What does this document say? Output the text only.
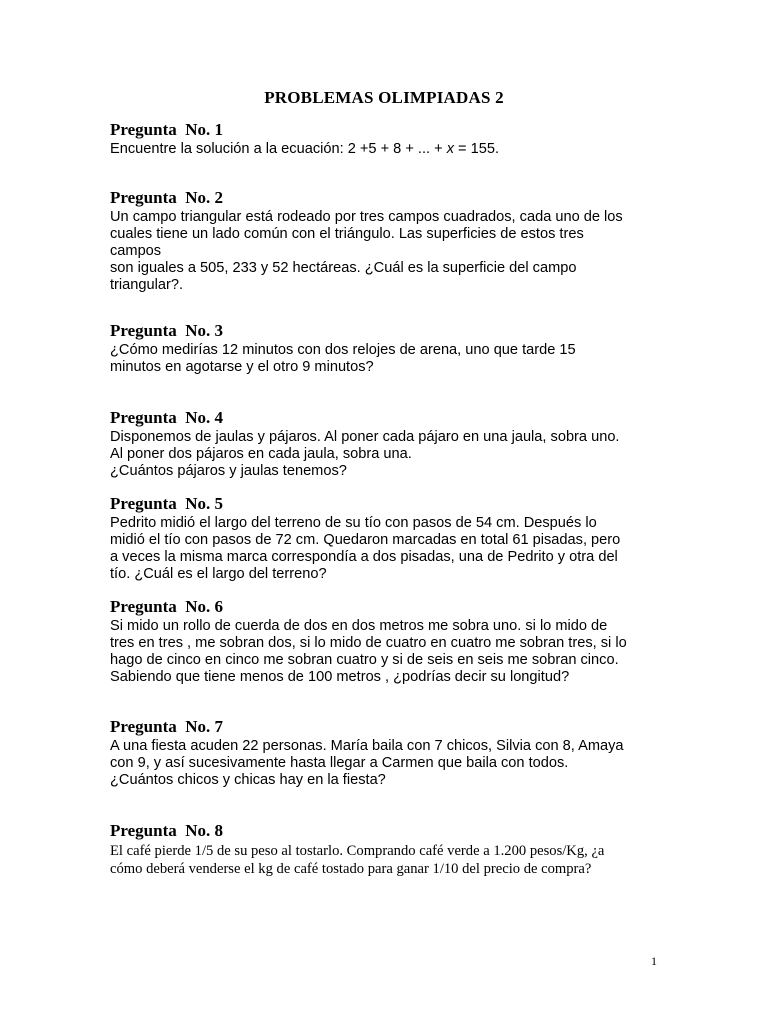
PROBLEMAS OLIMPIADAS 2
Pregunta  No. 1
Encuentre la solución a la ecuación: 2 +5 + 8 + ... + x = 155.
Pregunta  No. 2
Un campo triangular está rodeado por tres campos cuadrados, cada uno de los
cuales tiene un lado común con el triángulo. Las superficies de estos tres
campos
son iguales a 505, 233 y 52 hectáreas. ¿Cuál es la superficie del campo
triangular?.
Pregunta  No. 3
¿Cómo medirías 12 minutos con dos relojes de arena, uno que tarde 15
minutos en agotarse y el otro 9 minutos?
Pregunta  No. 4
Disponemos de jaulas y pájaros. Al poner cada pájaro en una jaula, sobra uno.
Al poner dos pájaros en cada jaula, sobra una.
¿Cuántos pájaros y jaulas tenemos?
Pregunta  No. 5
Pedrito midió el largo del terreno de su tío con pasos de 54 cm. Después lo
midió el tío con pasos de 72 cm. Quedaron marcadas en total 61 pisadas, pero
a veces la misma marca correspondía a dos pisadas, una de Pedrito y otra del
tío. ¿Cuál es el largo del terreno?
Pregunta  No. 6
Si mido un rollo de cuerda de dos en dos metros me sobra uno. si lo mido de
tres en tres , me sobran dos, si lo mido de cuatro en cuatro me sobran tres, si lo
hago de cinco en cinco me sobran cuatro y si de seis en seis me sobran cinco.
Sabiendo que tiene menos de 100 metros , ¿podrías decir su longitud?
Pregunta  No. 7
A una fiesta acuden 22 personas. María baila con 7 chicos, Silvia con 8, Amaya
con 9, y así sucesivamente hasta llegar a Carmen que baila con todos.
¿Cuántos chicos y chicas hay en la fiesta?
Pregunta  No. 8
El café pierde 1/5 de su peso al tostarlo. Comprando café verde a 1.200 pesos/Kg, ¿a
cómo deberá venderse el kg de café tostado para ganar 1/10 del precio de compra?
1
